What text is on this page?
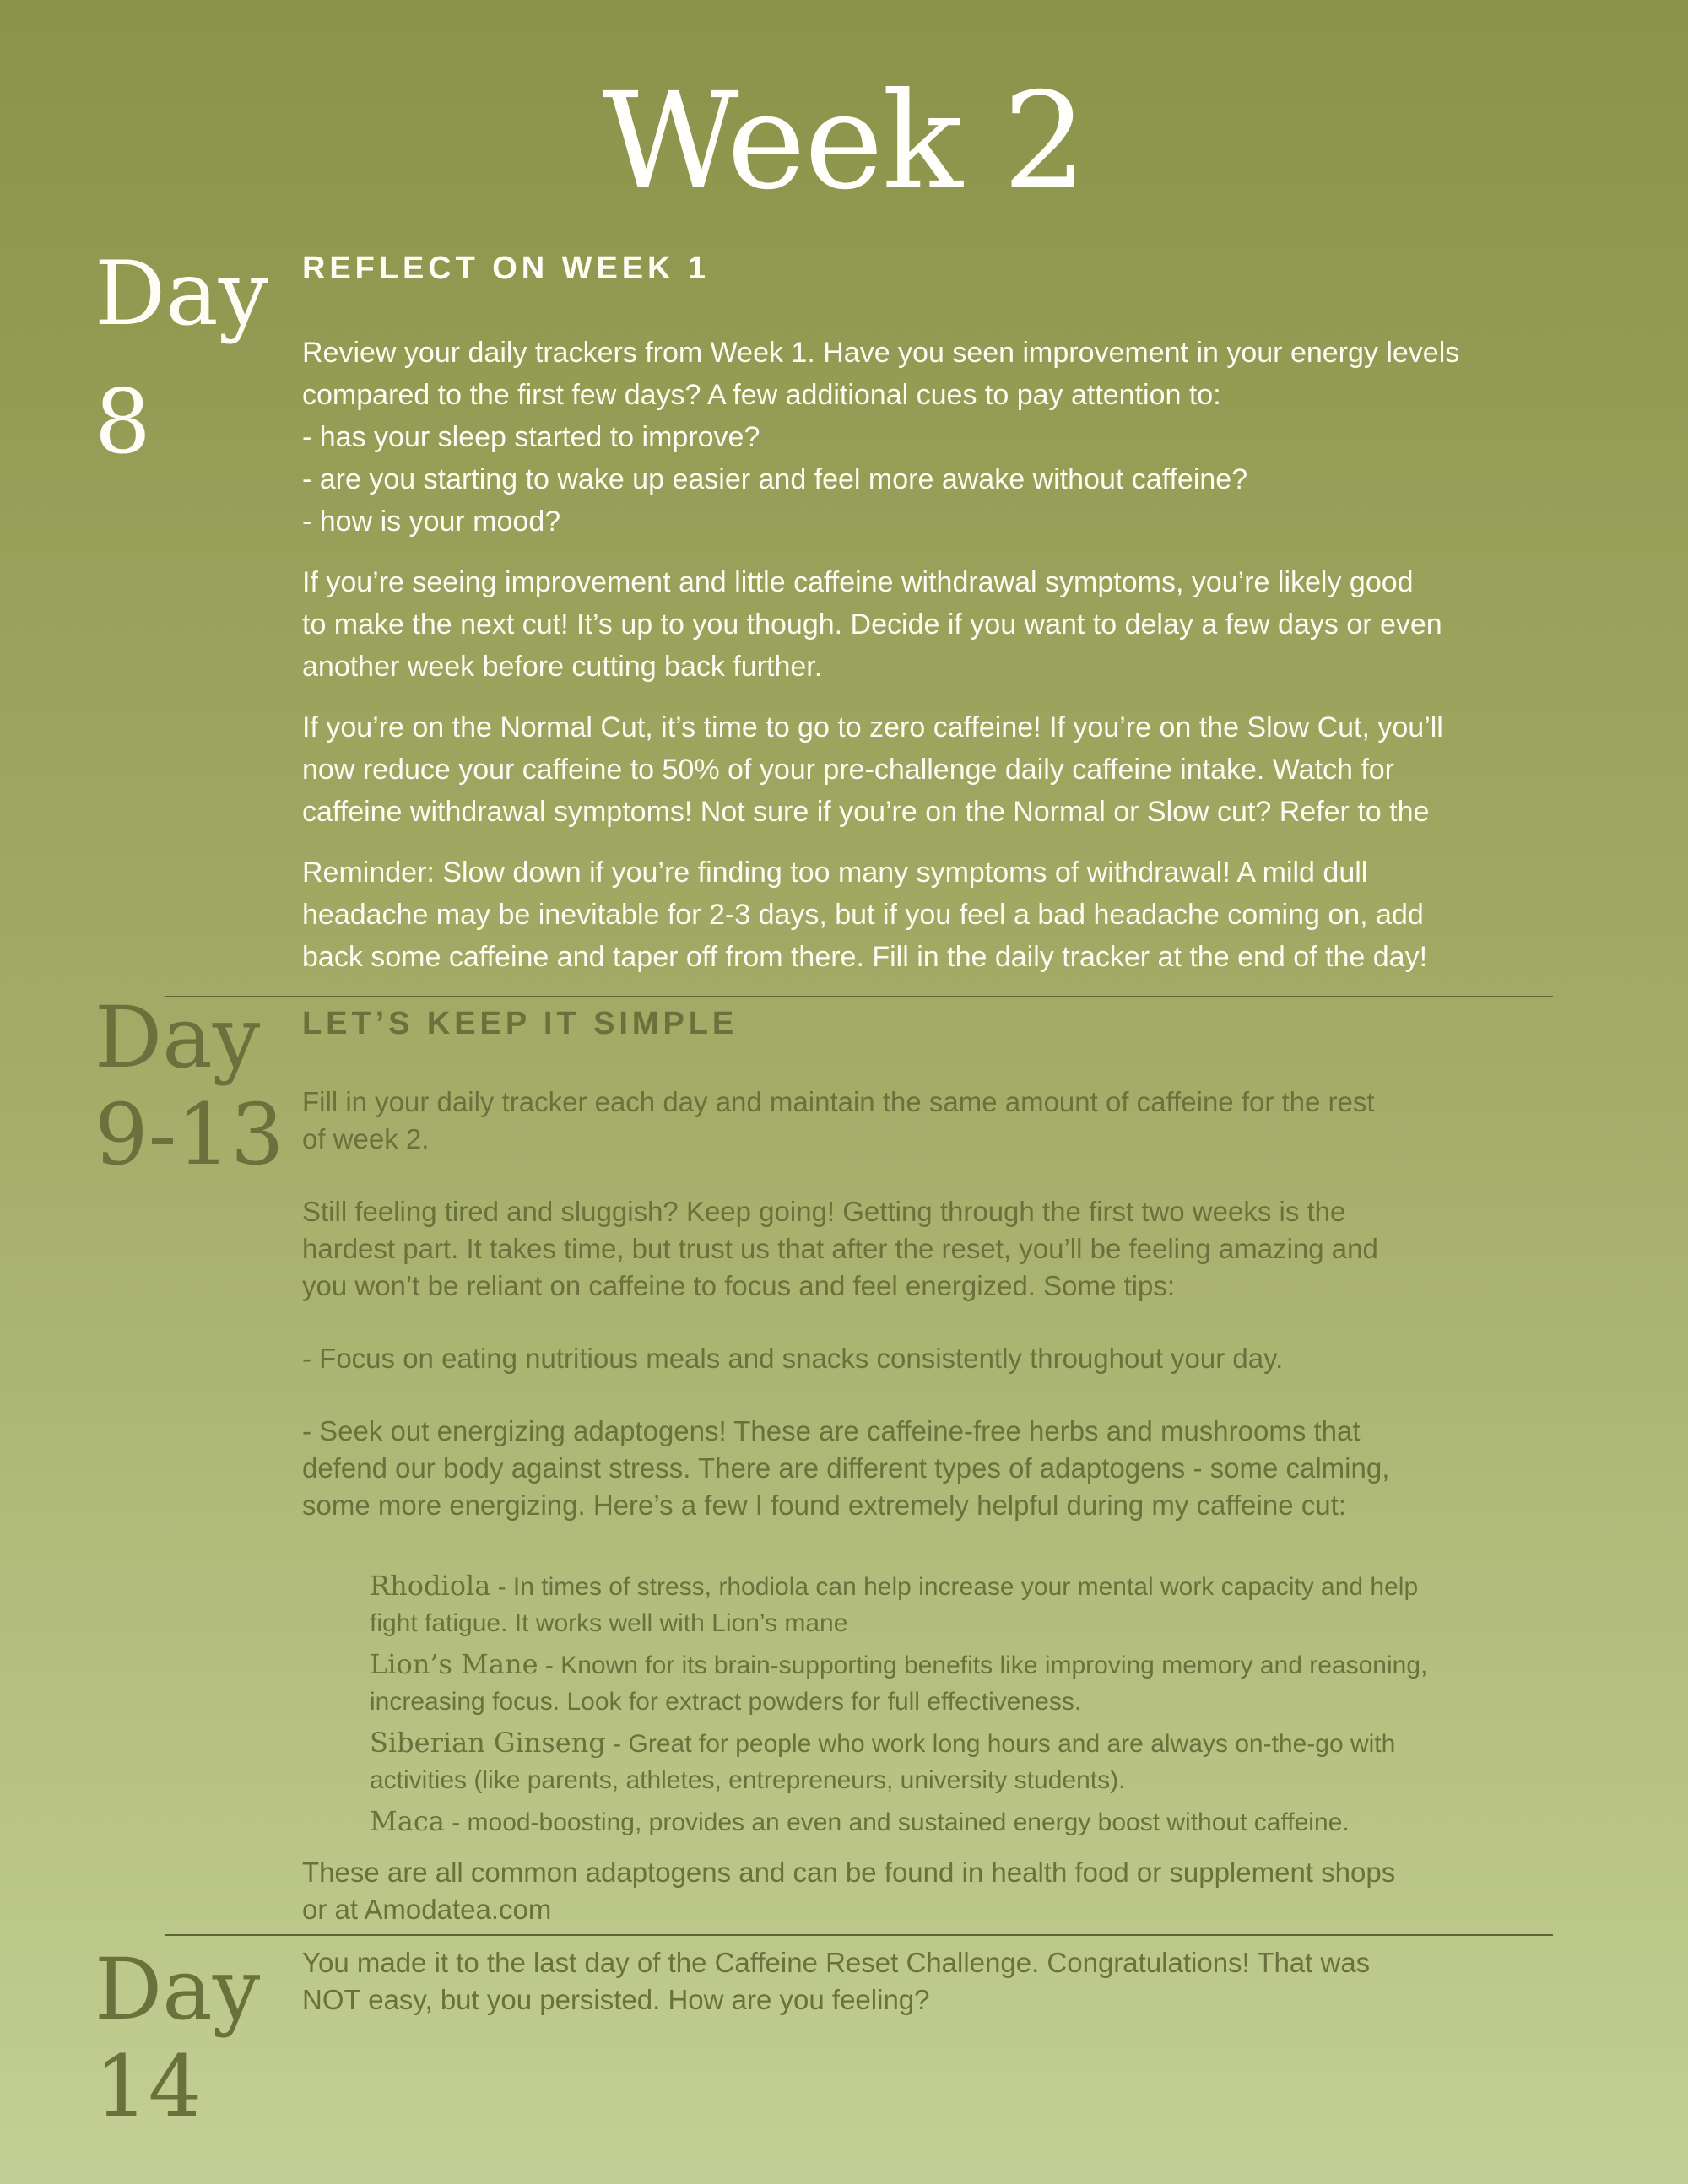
Week 2
Day
8
REFLECT ON WEEK 1

Review your daily trackers from Week 1. Have you seen improvement in your energy levels
compared to the first few days? A few additional cues to pay attention to:
- has your sleep started to improve?
- are you starting to wake up easier and feel more awake without caffeine?
- how is your mood?

If you’re seeing improvement and little caffeine withdrawal symptoms, you’re likely good
to make the next cut! It’s up to you though. Decide if you want to delay a few days or even
another week before cutting back further.

If you’re on the Normal Cut, it’s time to go to zero caffeine! If you’re on the Slow Cut, you’ll
now reduce your caffeine to 50% of your pre-challenge daily caffeine intake. Watch for
caffeine withdrawal symptoms! Not sure if you’re on the Normal or Slow cut? Refer to the

Reminder: Slow down if you’re finding too many symptoms of withdrawal! A mild dull
headache may be inevitable for 2-3 days, but if you feel a bad headache coming on, add
back some caffeine and taper off from there. Fill in the daily tracker at the end of the day!

Day
9-13
LET’S KEEP IT SIMPLE

Fill in your daily tracker each day and maintain the same amount of caffeine for the rest
of week 2.

Still feeling tired and sluggish? Keep going! Getting through the first two weeks is the
hardest part. It takes time, but trust us that after the reset, you’ll be feeling amazing and
you won’t be reliant on caffeine to focus and feel energized. Some tips:

- Focus on eating nutritious meals and snacks consistently throughout your day.

- Seek out energizing adaptogens! These are caffeine-free herbs and mushrooms that
defend our body against stress. There are different types of adaptogens - some calming,
some more energizing. Here’s a few I found extremely helpful during my caffeine cut:

Rhodiola - In times of stress, rhodiola can help increase your mental work capacity and help
fight fatigue. It works well with Lion’s mane
Lion’s Mane - Known for its brain-supporting benefits like improving memory and reasoning,
increasing focus. Look for extract powders for full effectiveness.
Siberian Ginseng - Great for people who work long hours and are always on-the-go with
activities (like parents, athletes, entrepreneurs, university students).
Maca - mood-boosting, provides an even and sustained energy boost without caffeine.

These are all common adaptogens and can be found in health food or supplement shops
or at Amodatea.com

Day
14

You made it to the last day of the Caffeine Reset Challenge. Congratulations! That was
NOT easy, but you persisted. How are you feeling?
